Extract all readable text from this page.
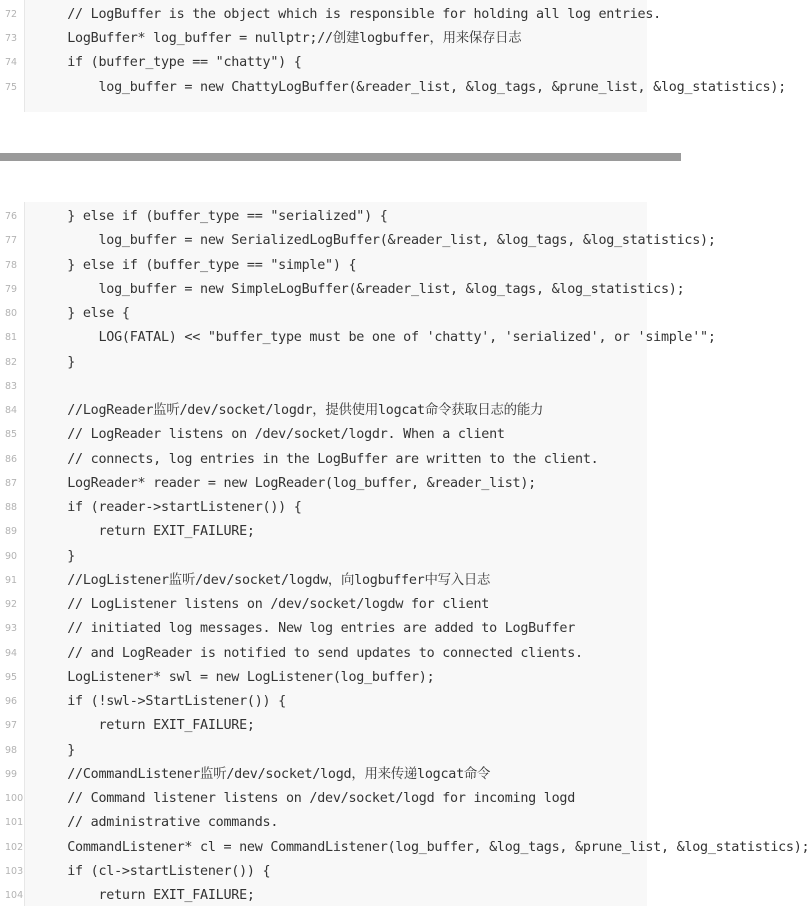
72	// LogBuffer is the object which is responsible for holding all log entries.
73	LogBuffer* log_buffer = nullptr;//创建logbuffer，用来保存日志
74	if (buffer_type == "chatty") {
75	log_buffer = new ChattyLogBuffer(&reader_list, &log_tags, &prune_list, &log_statistics);
76	} else if (buffer_type == "serialized") {
77	log_buffer = new SerializedLogBuffer(&reader_list, &log_tags, &log_statistics);
78	} else if (buffer_type == "simple") {
79	log_buffer = new SimpleLogBuffer(&reader_list, &log_tags, &log_statistics);
80	} else {
81	LOG(FATAL) << "buffer_type must be one of 'chatty', 'serialized', or 'simple'";
82	}
83
84	//LogReader监听/dev/socket/logdr，提供使用logcat命令获取日志的能力
85	// LogReader listens on /dev/socket/logdr. When a client
86	// connects, log entries in the LogBuffer are written to the client.
87	LogReader* reader = new LogReader(log_buffer, &reader_list);
88	if (reader->startListener()) {
89	return EXIT_FAILURE;
90	}
91	//LogListener监听/dev/socket/logdw，向logbuffer中写入日志
92	// LogListener listens on /dev/socket/logdw for client
93	// initiated log messages. New log entries are added to LogBuffer
94	// and LogReader is notified to send updates to connected clients.
95	LogListener* swl = new LogListener(log_buffer);
96	if (!swl->StartListener()) {
97	return EXIT_FAILURE;
98	}
99	//CommandListener监听/dev/socket/logd，用来传递logcat命令
100 // Command listener listens on /dev/socket/logd for incoming logd
101 // administrative commands.
102 CommandListener* cl = new CommandListener(log_buffer, &log_tags, &prune_list, &log_statistics);
103 if (cl->startListener()) {
104 return EXIT_FAILURE;
